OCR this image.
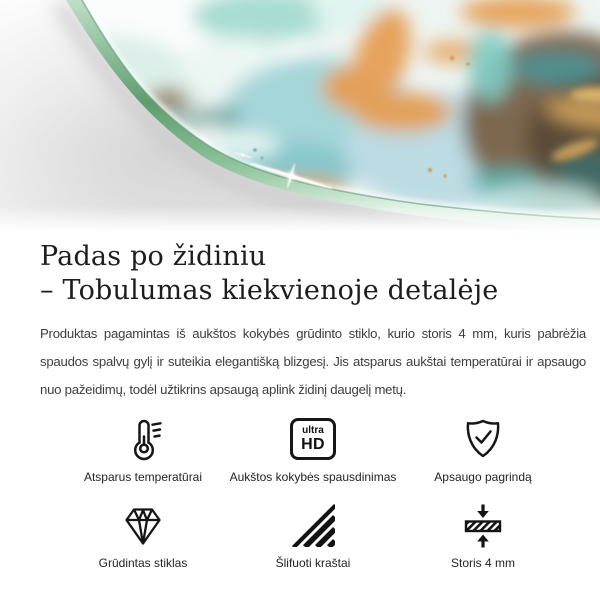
Padas po židiniu
– Tobulumas kiekvienoje detalėje

Produktas pagamintas iš aukštos kokybės grūdinto stiklo, kurio storis 4 mm, kuris pabrėžia spaudos spalvų gylį ir suteikia elegantišką blizgesį. Jis atsparus aukštai temperatūrai ir apsaugo nuo pažeidimų, todėl užtikrins apsaugą aplink židinį daugelį metų.

Atsparus temperatūrai
ultra
HD
Aukštos kokybės spausdinimas	Apsaugo pagrindą
Grūdintas stiklas	Šlifuoti kraštai	Storis 4 mm
